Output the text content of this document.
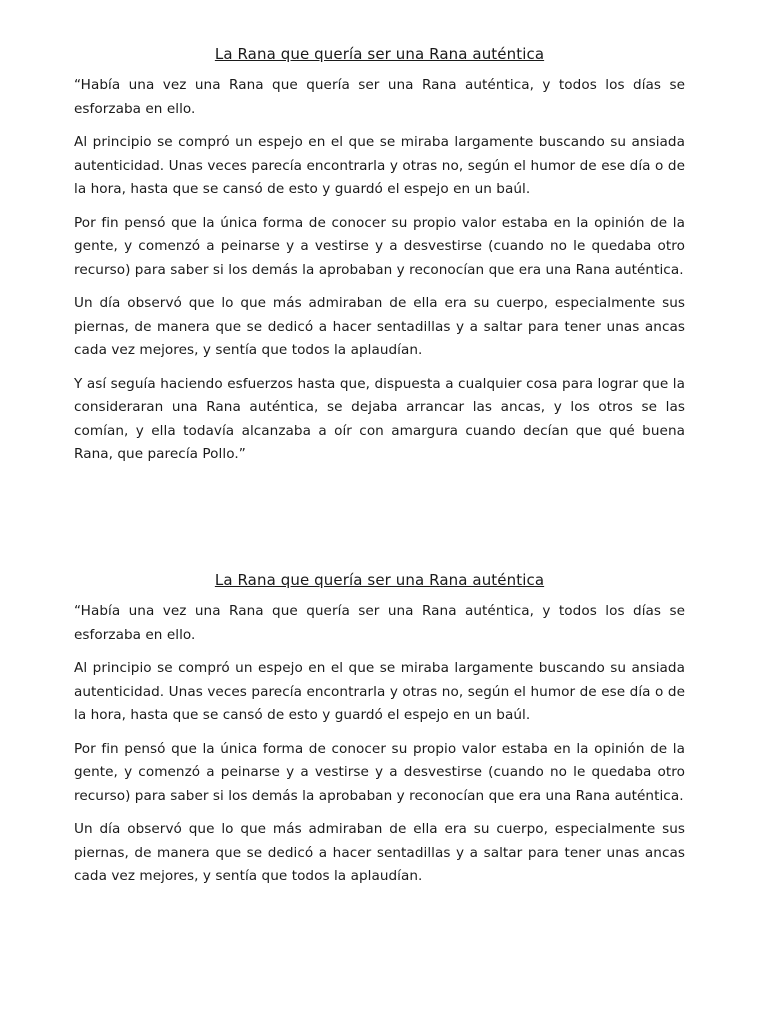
La Rana que quería ser una Rana auténtica

“Había una vez una Rana que quería ser una Rana auténtica, y todos los días se esforzaba en ello.

Al principio se compró un espejo en el que se miraba largamente buscando su ansiada autenticidad. Unas veces parecía encontrarla y otras no, según el humor de ese día o de la hora, hasta que se cansó de esto y guardó el espejo en un baúl.

Por fin pensó que la única forma de conocer su propio valor estaba en la opinión de la gente, y comenzó a peinarse y a vestirse y a desvestirse (cuando no le quedaba otro recurso) para saber si los demás la aprobaban y reconocían que era una Rana auténtica.

Un día observó que lo que más admiraban de ella era su cuerpo, especialmente sus piernas, de manera que se dedicó a hacer sentadillas y a saltar para tener unas ancas cada vez mejores, y sentía que todos la aplaudían.

Y así seguía haciendo esfuerzos hasta que, dispuesta a cualquier cosa para lograr que la consideraran una Rana auténtica, se dejaba arrancar las ancas, y los otros se las comían, y ella todavía alcanzaba a oír con amargura cuando decían que qué buena Rana, que parecía Pollo.”

La Rana que quería ser una Rana auténtica

“Había una vez una Rana que quería ser una Rana auténtica, y todos los días se esforzaba en ello.

Al principio se compró un espejo en el que se miraba largamente buscando su ansiada autenticidad. Unas veces parecía encontrarla y otras no, según el humor de ese día o de la hora, hasta que se cansó de esto y guardó el espejo en un baúl.

Por fin pensó que la única forma de conocer su propio valor estaba en la opinión de la gente, y comenzó a peinarse y a vestirse y a desvestirse (cuando no le quedaba otro recurso) para saber si los demás la aprobaban y reconocían que era una Rana auténtica.

Un día observó que lo que más admiraban de ella era su cuerpo, especialmente sus piernas, de manera que se dedicó a hacer sentadillas y a saltar para tener unas ancas cada vez mejores, y sentía que todos la aplaudían.
